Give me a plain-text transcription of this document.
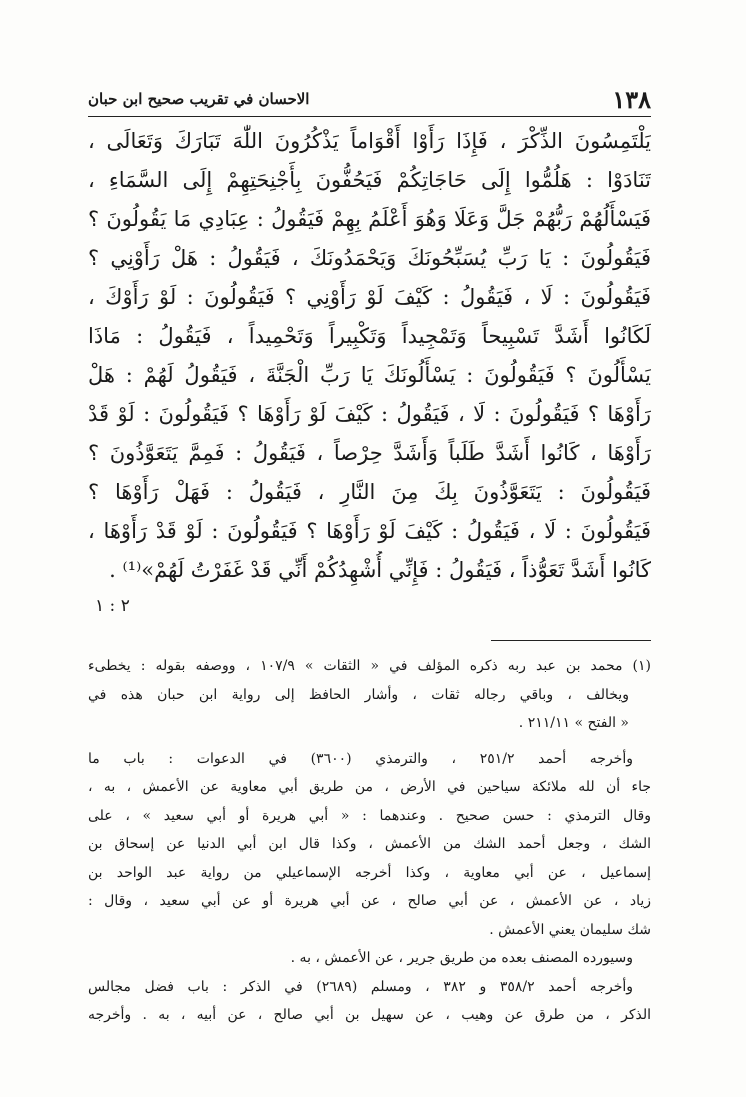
١٣٨
الاحسان في تقريب صحيح ابن حبان
يَلْتَمِسُونَ الذِّكْرَ ، فَإِذَا رَأَوْا أَقْوَاماً يَذْكُرُونَ اللّٰهَ تَبَارَكَ وَتَعَالَى ،
تَنَادَوْا : هَلُمُّوا إِلَى حَاجَاتِكُمْ فَيَحُفُّونَ بِأَجْنِحَتِهِمْ إِلَى السَّمَاءِ ،
فَيَسْأَلُهُمْ رَبُّهُمْ جَلَّ وَعَلَا وَهُوَ أَعْلَمُ بِهِمْ فَيَقُولُ : عِبَادِي مَا يَقُولُونَ ؟
فَيَقُولُونَ : يَا رَبِّ يُسَبِّحُونَكَ وَيَحْمَدُونَكَ ، فَيَقُولُ : هَلْ رَأَوْنِي ؟
فَيَقُولُونَ : لَا ، فَيَقُولُ : كَيْفَ لَوْ رَأَوْنِي ؟ فَيَقُولُونَ : لَوْ رَأَوْكَ ،
لَكَانُوا أَشَدَّ تَسْبِيحاً وَتَمْجِيداً وَتَكْبِيراً وَتَحْمِيداً ، فَيَقُولُ : مَاذَا
يَسْأَلُونَ ؟ فَيَقُولُونَ : يَسْأَلُونَكَ يَا رَبِّ الْجَنَّةَ ، فَيَقُولُ لَهُمْ : هَلْ
رَأَوْهَا ؟ فَيَقُولُونَ : لَا ، فَيَقُولُ : كَيْفَ لَوْ رَأَوْهَا ؟ فَيَقُولُونَ : لَوْ قَدْ
رَأَوْهَا ، كَانُوا أَشَدَّ طَلَباً وَأَشَدَّ حِرْصاً ، فَيَقُولُ : فَمِمَّ يَتَعَوَّذُونَ ؟
فَيَقُولُونَ : يَتَعَوَّذُونَ بِكَ مِنَ النَّارِ ، فَيَقُولُ : فَهَلْ رَأَوْهَا ؟
فَيَقُولُونَ : لَا ، فَيَقُولُ : كَيْفَ لَوْ رَأَوْهَا ؟ فَيَقُولُونَ : لَوْ قَدْ رَأَوْهَا ،
كَانُوا أَشَدَّ تَعَوُّذاً ، فَيَقُولُ : فَإِنِّي أُشْهِدُكُمْ أَنِّي قَدْ غَفَرْتُ لَهُمْ»⁽¹⁾ .
٢ : ١
(١) محمد بن عبد ربه ذكره المؤلف في « الثقات » ١٠٧/٩ ، ووصفه بقوله : يخطىء
ويخالف ، وباقي رجاله ثقات ، وأشار الحافظ إلى رواية ابن حبان هذه في
« الفتح » ٢١١/١١ .
وأخرجه أحمد ٢٥١/٢ ، والترمذي (٣٦٠٠) في الدعوات : باب ما
جاء أن لله ملائكة سياحين في الأرض ، من طريق أبي معاوية عن الأعمش ، به ،
وقال الترمذي : حسن صحيح . وعندهما : « أبي هريرة أو أبي سعيد » ، على
الشك ، وجعل أحمد الشك من الأعمش ، وكذا قال ابن أبي الدنيا عن إسحاق بن
إسماعيل ، عن أبي معاوية ، وكذا أخرجه الإسماعيلي من رواية عبد الواحد بن
زياد ، عن الأعمش ، عن أبي صالح ، عن أبي هريرة أو عن أبي سعيد ، وقال :
شك سليمان يعني الأعمش .
وسيورده المصنف بعده من طريق جرير ، عن الأعمش ، به .
وأخرجه أحمد ٣٥٨/٢ و ٣٨٢ ، ومسلم (٢٦٨٩) في الذكر : باب فضل مجالس
الذكر ، من طرق عن وهيب ، عن سهيل بن أبي صالح ، عن أبيه ، به . وأخرجه
